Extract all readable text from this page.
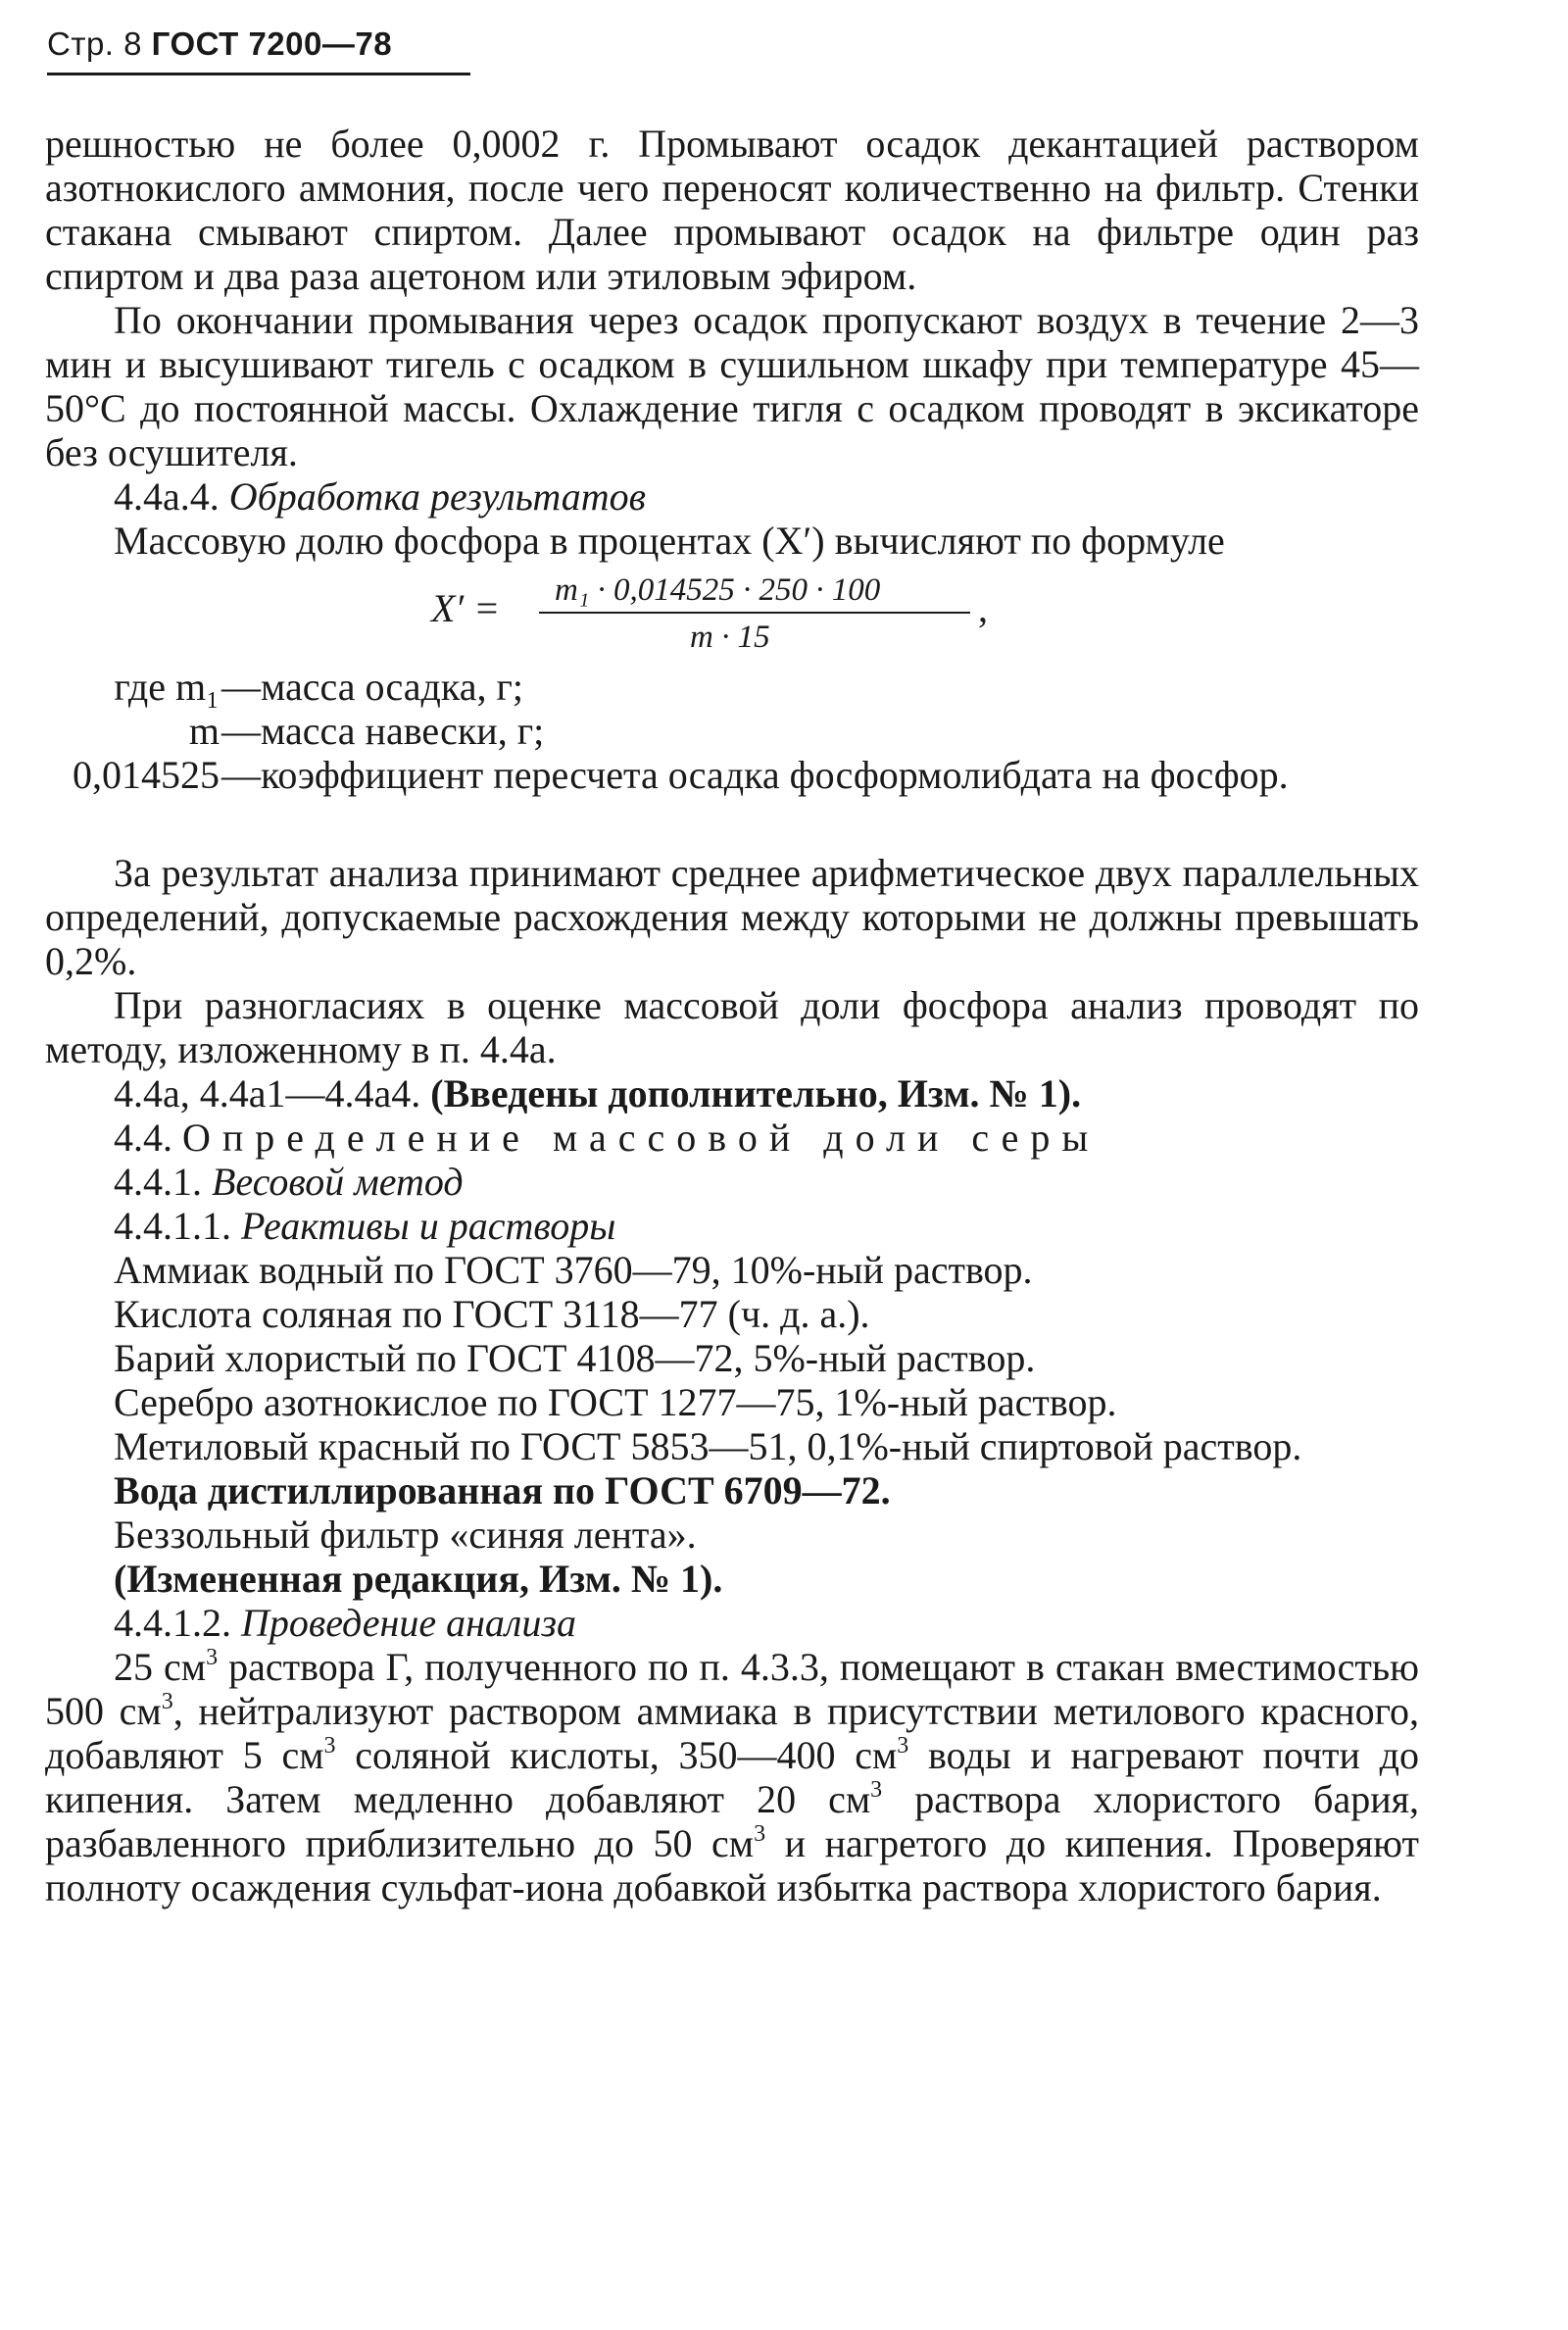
Стр. 8 ГОСТ 7200—78

решностью не более 0,0002 г. Промывают осадок декантацией раствором азотнокислого аммония, после чего переносят количественно на фильтр. Стенки стакана смывают спиртом. Далее промывают осадок на фильтре один раз спиртом и два раза ацетоном или этиловым эфиром.

По окончании промывания через осадок пропускают воздух в течение 2—3 мин и высушивают тигель с осадком в сушильном шкафу при температуре 45—50°С до постоянной массы. Охлаждение тигля с осадком проводят в эксикаторе без осушителя.

4.4а.4. Обработка результатов

Массовую долю фосфора в процентах (X′) вычисляют по формуле

X′ = m₁ · 0,014525 · 250 · 100
m · 15
,
где m₁ —масса осадка, г;
m —масса навески, г;
0,014525 —коэффициент пересчета осадка фосформолибдата на фосфор.

За результат анализа принимают среднее арифметическое двух параллельных определений, допускаемые расхождения между которыми не должны превышать 0,2%.

При разногласиях в оценке массовой доли фосфора анализ проводят по методу, изложенному в п. 4.4а.

4.4а, 4.4а1—4.4а4. (Введены дополнительно, Изм. № 1).

4.4. Определение массовой доли серы

4.4.1. Весовой метод

4.4.1.1. Реактивы и растворы

Аммиак водный по ГОСТ 3760—79, 10%-ный раствор.

Кислота соляная по ГОСТ 3118—77 (ч. д. а.).

Барий хлористый по ГОСТ 4108—72, 5%-ный раствор.

Серебро азотнокислое по ГОСТ 1277—75, 1%-ный раствор.

Метиловый красный по ГОСТ 5853—51, 0,1%-ный спиртовой раствор.

Вода дистиллированная по ГОСТ 6709—72.

Беззольный фильтр «синяя лента».

(Измененная редакция, Изм. № 1).

4.4.1.2. Проведение анализа

25 $см^3$ раствора Г, полученного по п. 4.3.3, помещают в стакан вместимостью 500 $см^3$, нейтрализуют раствором аммиака в присутствии метилового красного, добавляют 5 $см^3$ соляной кислоты, 350—400 $см^3$ воды и нагревают почти до кипения. Затем медленно добавляют 20 $см^3$ раствора хлористого бария, разбавленного приблизительно до 50 $см^3$ и нагретого до кипения. Проверяют полноту осаждения сульфат-иона добавкой избытка раствора хлористого бария.
